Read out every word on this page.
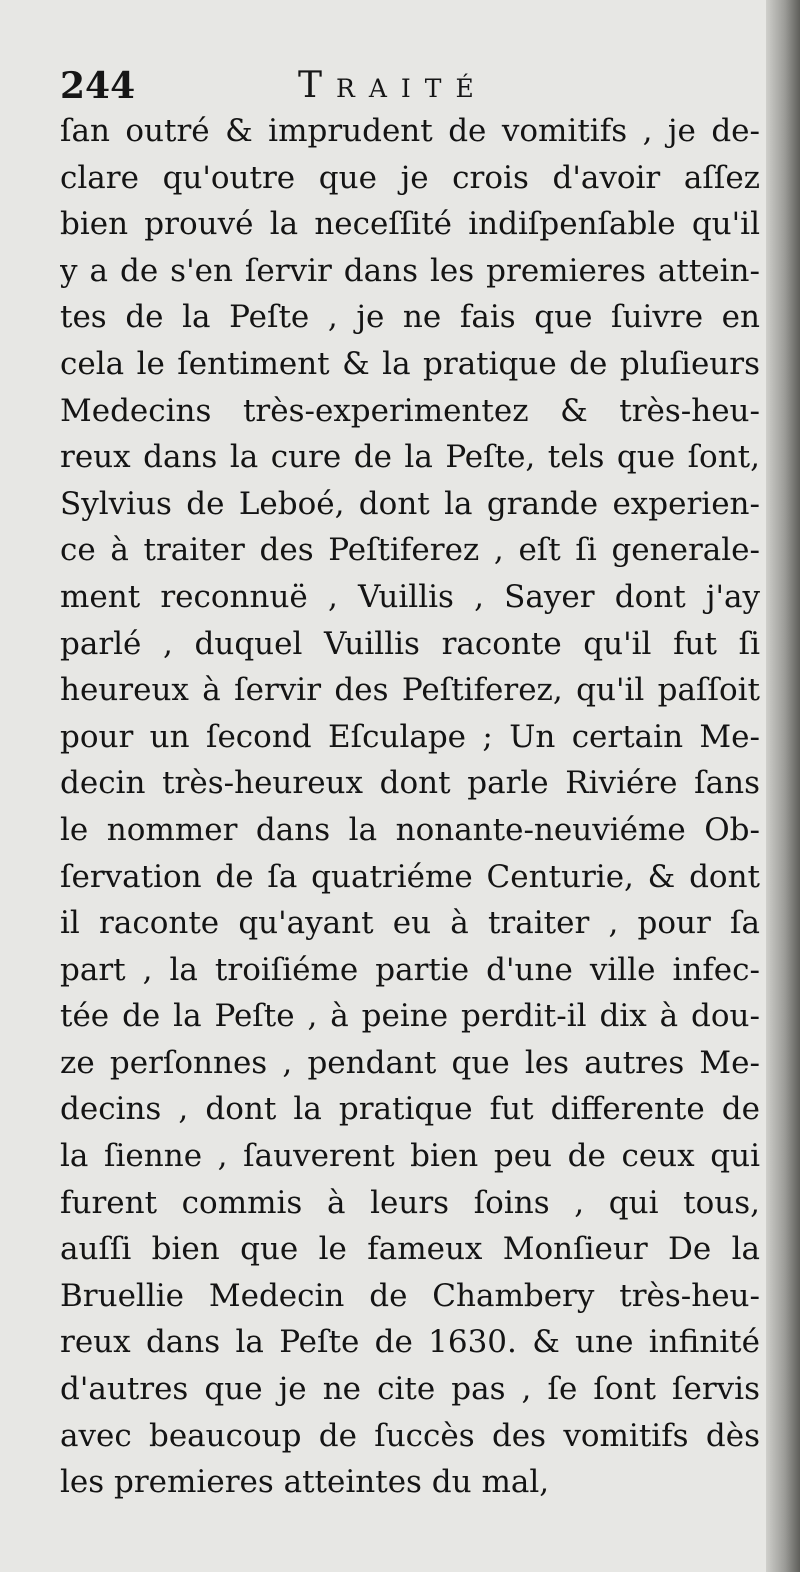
244	Traité
ſan outré & imprudent de vomitifs , je de-
clare qu'outre que je crois d'avoir aſſez
bien prouvé la neceſſité indiſpenſable qu'il
y a de s'en ſervir dans les premieres attein-
tes de la Peſte , je ne fais que ſuivre en
cela le ſentiment & la pratique de pluſieurs
Medecins très-experimentez & très-heu-
reux dans la cure de la Peſte, tels que ſont,
Sylvius de Leboé, dont la grande experien-
ce à traiter des Peſtiferez , eſt ſi generale-
ment reconnuë , Vuillis , Sayer dont j'ay
parlé , duquel Vuillis raconte qu'il fut ſi
heureux à ſervir des Peſtiferez, qu'il paſſoit
pour un ſecond Eſculape ; Un certain Me-
decin très-heureux dont parle Riviére ſans
le nommer dans la nonante-neuviéme Ob-
ſervation de ſa quatriéme Centurie, & dont
il raconte qu'ayant eu à traiter , pour ſa
part , la troiſiéme partie d'une ville infec-
tée de la Peſte , à peine perdit-il dix à dou-
ze perſonnes , pendant que les autres Me-
decins , dont la pratique fut differente de
la ſienne , ſauverent bien peu de ceux qui
furent commis à leurs ſoins , qui tous,
auſſi bien que le fameux Monſieur De la
Bruellie Medecin de Chambery très-heu-
reux dans la Peſte de 1630. & une infinité
d'autres que je ne cite pas , ſe ſont ſervis
avec beaucoup de ſuccès des vomitifs dès
les premieres atteintes du mal,
